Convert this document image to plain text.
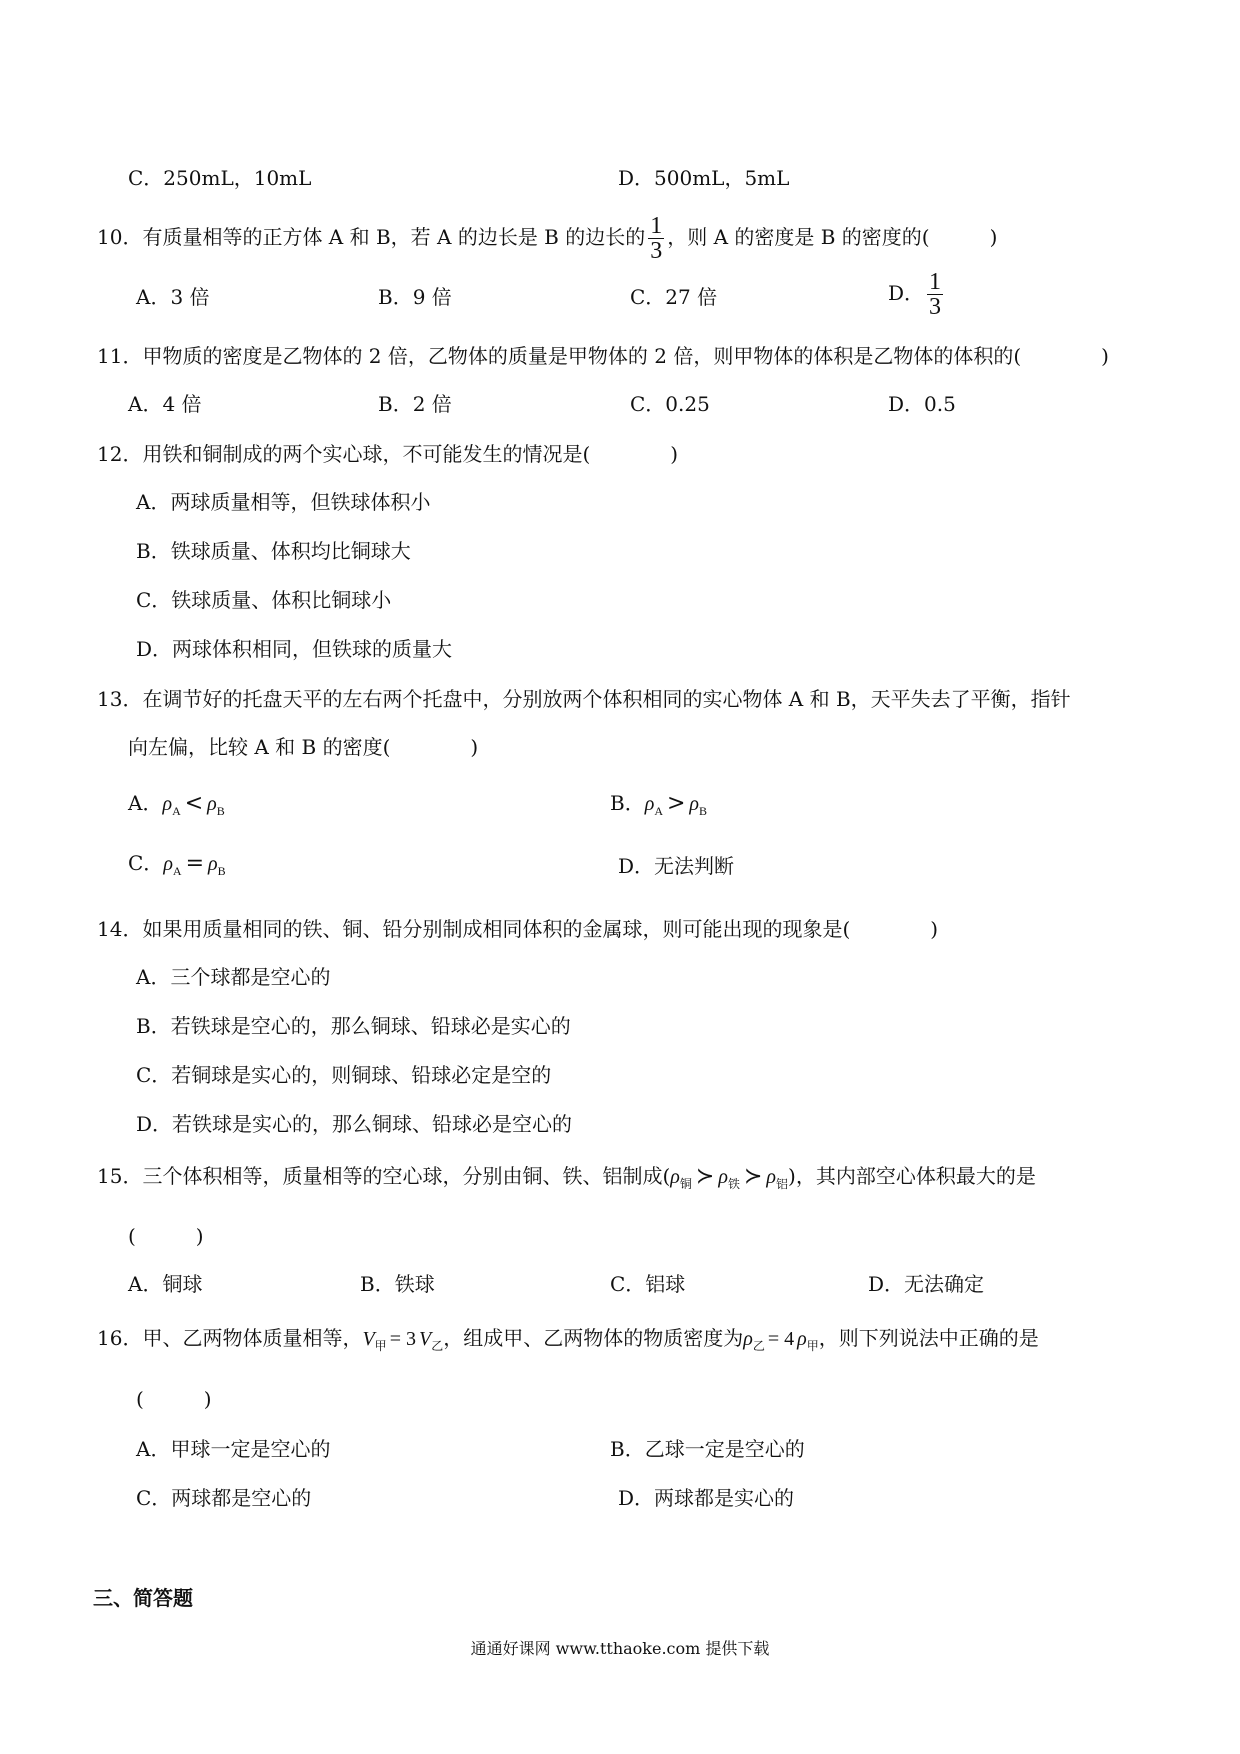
C．250mL，10mL	D．500mL，5mL
10．有质量相等的正方体 A 和 B，若 A 的边长是 B 的边长的 $\frac{1}{3}$ ，则 A 的密度是 B 的密度的(　　　)
A．3 倍	B．9 倍	C．27 倍	D． $\frac{1}{3}$
11．甲物质的密度是乙物体的 2 倍，乙物体的质量是甲物体的 2 倍，则甲物体的体积是乙物体的体积的(　　　　)
A．4 倍	B．2 倍	C．0.25	D．0.5
12．用铁和铜制成的两个实心球，不可能发生的情况是(　　　　)
A．两球质量相等，但铁球体积小
B．铁球质量、体积均比铜球大
C．铁球质量、体积比铜球小
D．两球体积相同，但铁球的质量大
13．在调节好的托盘天平的左右两个托盘中，分别放两个体积相同的实心物体 A 和 B，天平失去了平衡，指针
向左偏，比较 A 和 B 的密度(　　　　)
A．$\rho_A < \rho_B$	B．$\rho_A > \rho_B$
C．$\rho_A = \rho_B$	D．无法判断
14．如果用质量相同的铁、铜、铅分别制成相同体积的金属球，则可能出现的现象是(　　　　)
A．三个球都是空心的
B．若铁球是空心的，那么铜球、铅球必是实心的
C．若铜球是实心的，则铜球、铅球必定是空的
D．若铁球是实心的，那么铜球、铅球必是空心的
15．三个体积相等，质量相等的空心球，分别由铜、铁、铝制成($\rho_铜$ ≻ $\rho_铁$ ≻ $\rho_铝$)，其内部空心体积最大的是
(　　　)
A．铜球	B．铁球	C．铝球	D．无法确定
16．甲、乙两物体质量相等，$V_甲 = 3$ $V_乙$，组成甲、乙两物体的物质密度为$\rho_乙 = 4$ $\rho_甲$，则下列说法中正确的是
(　　　)
A．甲球一定是空心的	B．乙球一定是空心的
C．两球都是空心的	D．两球都是实心的
三、简答题
通通好课网 www.tthaoke.com 提供下载
